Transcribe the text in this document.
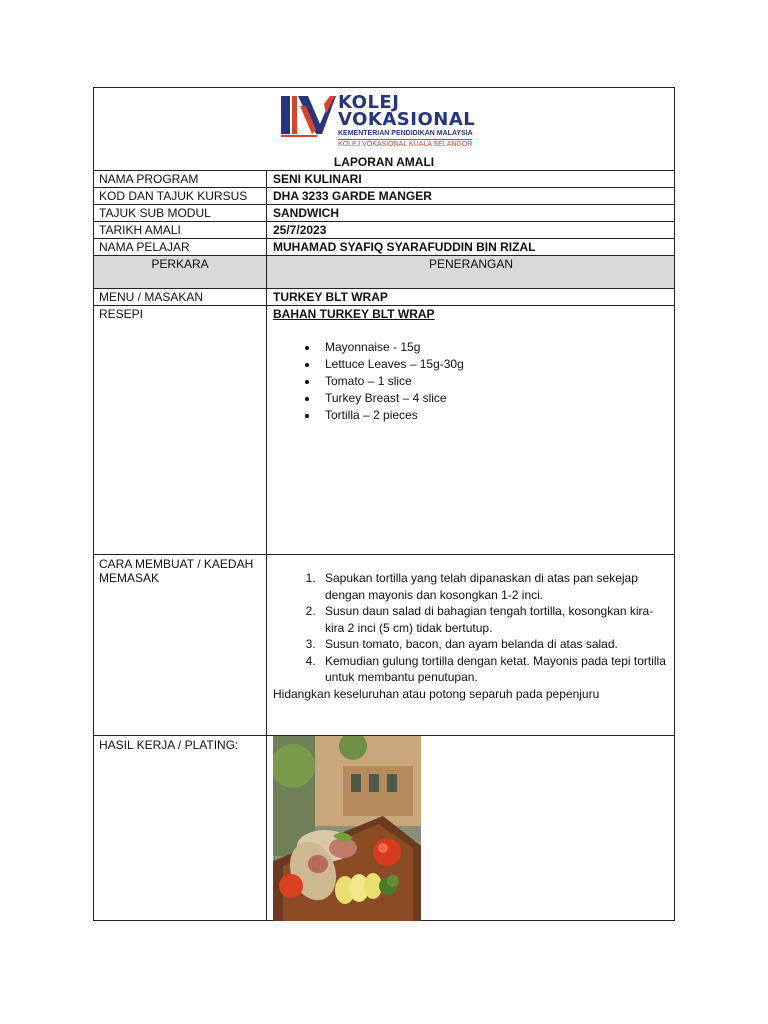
KOLEJ
VOKASIONAL
KEMENTERIAN PENDIDIKAN MALAYSIA
KOLEJ VOKASIONAL KUALA SELANGOR
LAPORAN AMALI
NAMA PROGRAM	SENI KULINARI
KOD DAN TAJUK KURSUS	DHA 3233 GARDE MANGER
TAJUK SUB MODUL	SANDWICH
TARIKH AMALI	25/7/2023
NAMA PELAJAR	MUHAMAD SYAFIQ SYARAFUDDIN BIN RIZAL
PERKARA	PENERANGAN
MENU / MASAKAN	TURKEY BLT WRAP
RESEPI	BAHAN TURKEY BLT WRAP
• Mayonnaise - 15g
• Lettuce Leaves – 15g-30g
• Tomato – 1 slice
• Turkey Breast – 4 slice
• Tortilla – 2 pieces
CARA MEMBUAT / KAEDAH MEMASAK
1.	Sapukan tortilla yang telah dipanaskan di atas pan sekejap dengan mayonis dan kosongkan 1-2 inci.
2. Susun daun salad di bahagian tengah tortilla, kosongkan kira-kira 2 inci (5 cm) tidak bertutup.
3. Susun tomato, bacon, dan ayam belanda di atas salad.
4. Kemudian gulung tortilla dengan ketat. Mayonis pada tepi tortilla untuk membantu penutupan.
Hidangkan keseluruhan atau potong separuh pada pepenjuru
HASIL KERJA / PLATING:
